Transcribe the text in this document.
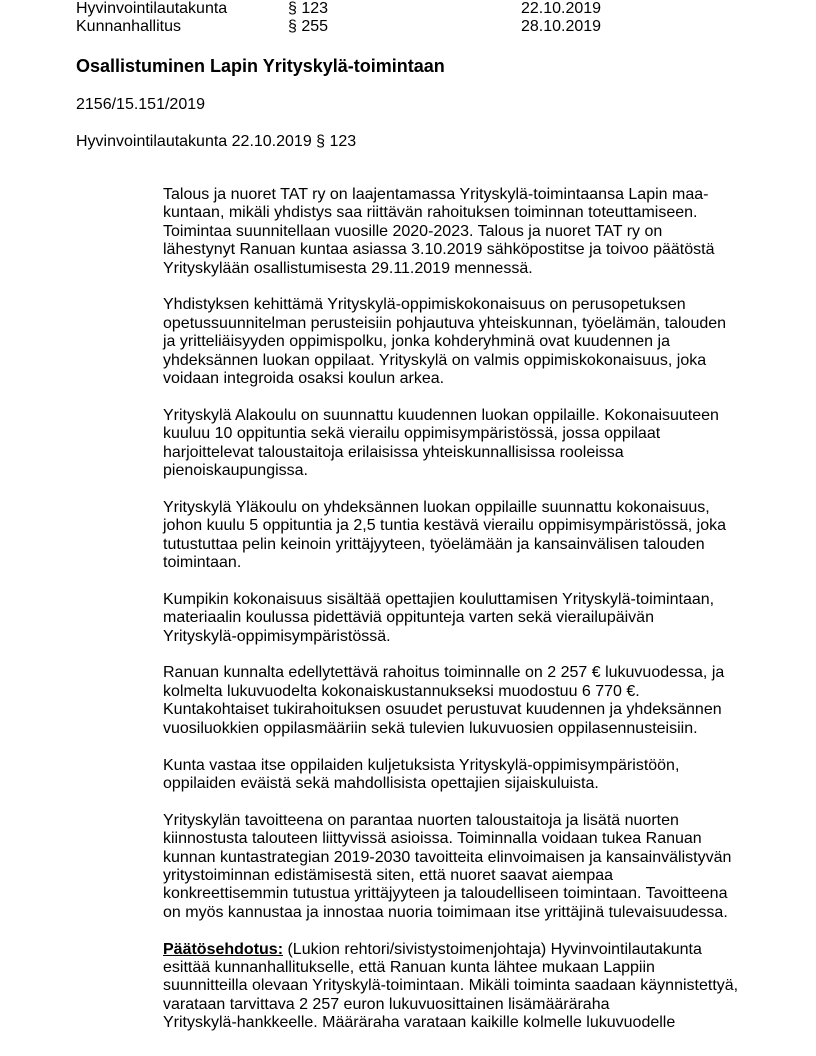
Hyvinvointilautakunta	§ 123	22.10.2019
Kunnanhallitus	§ 255	28.10.2019
Osallistuminen Lapin Yrityskylä-toimintaan

2156/15.151/2019

Hyvinvointilautakunta 22.10.2019 § 123

Talous ja nuoret TAT ry on laajentamassa Yrityskylä-toimintaansa Lapin maa-
kuntaan, mikäli yhdistys saa riittävän rahoituksen toiminnan toteuttamiseen.
Toimintaa suunnitellaan vuosille 2020-2023. Talous ja nuoret TAT ry on
lähestynyt Ranuan kuntaa asiassa 3.10.2019 sähköpostitse ja toivoo päätöstä
Yrityskylään osallistumisesta 29.11.2019 mennessä.

Yhdistyksen kehittämä Yrityskylä-oppimiskokonaisuus on perusopetuksen
opetussuunnitelman perusteisiin pohjautuva yhteiskunnan, työelämän, talouden
ja yritteliäisyyden oppimispolku, jonka kohderyhminä ovat kuudennen ja
yhdeksännen luokan oppilaat. Yrityskylä on valmis oppimiskokonaisuus, joka
voidaan integroida osaksi koulun arkea.

Yrityskylä Alakoulu on suunnattu kuudennen luokan oppilaille. Kokonaisuuteen
kuuluu 10 oppituntia sekä vierailu oppimisympäristössä, jossa oppilaat
harjoittelevat taloustaitoja erilaisissa yhteiskunnallisissa rooleissa
pienoiskaupungissa.

Yrityskylä Yläkoulu on yhdeksännen luokan oppilaille suunnattu kokonaisuus,
johon kuulu 5 oppituntia ja 2,5 tuntia kestävä vierailu oppimisympäristössä, joka
tutustuttaa pelin keinoin yrittäjyyteen, työelämään ja kansainvälisen talouden
toimintaan.

Kumpikin kokonaisuus sisältää opettajien kouluttamisen Yrityskylä-toimintaan,
materiaalin koulussa pidettäviä oppitunteja varten sekä vierailupäivän
Yrityskylä-oppimisympäristössä.

Ranuan kunnalta edellytettävä rahoitus toiminnalle on 2 257 € lukuvuodessa, ja
kolmelta lukuvuodelta kokonaiskustannukseksi muodostuu 6 770 €.
Kuntakohtaiset tukirahoituksen osuudet perustuvat kuudennen ja yhdeksännen
vuosiluokkien oppilasmääriin sekä tulevien lukuvuosien oppilasennusteisiin.

Kunta vastaa itse oppilaiden kuljetuksista Yrityskylä-oppimisympäristöön,
oppilaiden eväistä sekä mahdollisista opettajien sijaiskuluista.

Yrityskylän tavoitteena on parantaa nuorten taloustaitoja ja lisätä nuorten
kiinnostusta talouteen liittyvissä asioissa. Toiminnalla voidaan tukea Ranuan
kunnan kuntastrategian 2019-2030 tavoitteita elinvoimaisen ja kansainvälistyvän
yritystoiminnan edistämisestä siten, että nuoret saavat aiempaa
konkreettisemmin tutustua yrittäjyyteen ja taloudelliseen toimintaan. Tavoitteena
on myös kannustaa ja innostaa nuoria toimimaan itse yrittäjinä tulevaisuudessa.

Päätösehdotus: (Lukion rehtori/sivistystoimenjohtaja) Hyvinvointilautakunta
esittää kunnanhallitukselle, että Ranuan kunta lähtee mukaan Lappiin
suunnitteilla olevaan Yrityskylä-toimintaan. Mikäli toiminta saadaan käynnistettyä,
varataan tarvittava 2 257 euron lukuvuosittainen lisämääräraha
Yrityskylä-hankkeelle. Määräraha varataan kaikille kolmelle lukuvuodelle
